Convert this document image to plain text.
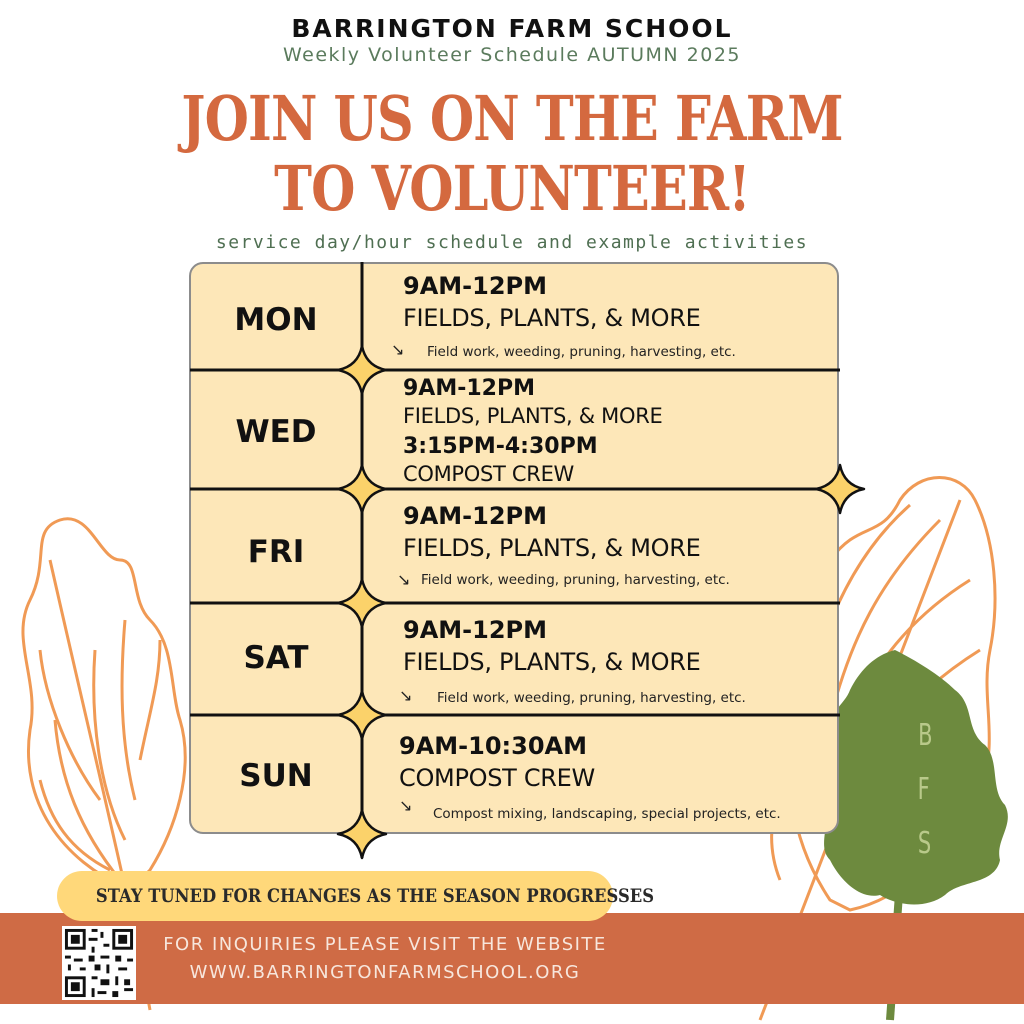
B
F
S
BARRINGTON FARM SCHOOL
Weekly Volunteer Schedule AUTUMN 2025
JOIN US ON THE FARM
TO VOLUNTEER!
service day/hour schedule and example activities
MON
9AM-12PM
FIELDS, PLANTS, & MORE
↘ Field work, weeding, pruning, harvesting, etc.
WED
9AM-12PM
FIELDS, PLANTS, & MORE
3:15PM-4:30PM
COMPOST CREW
FRI
9AM-12PM
FIELDS, PLANTS, & MORE
↘ Field work, weeding, pruning, harvesting, etc.
SAT
9AM-12PM
FIELDS, PLANTS, & MORE
↘ Field work, weeding, pruning, harvesting, etc.
SUN
9AM-10:30AM
COMPOST CREW
↘ Compost mixing, landscaping, special projects, etc.
STAY TUNED FOR CHANGES AS THE SEASON PROGRESSES
FOR INQUIRIES PLEASE VISIT THE WEBSITE
WWW.BARRINGTONFARMSCHOOL.ORG
